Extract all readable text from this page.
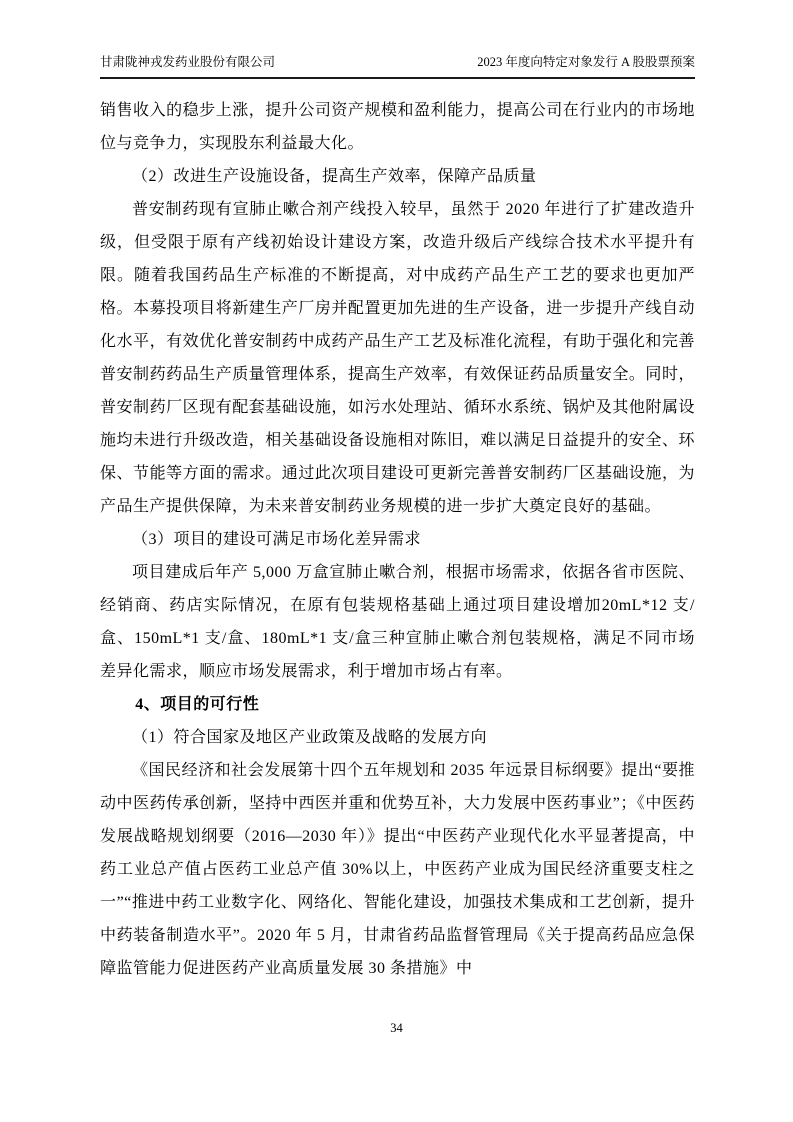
甘肃陇神戎发药业股份有限公司	2023 年度向特定对象发行 A 股股票预案

销售收入的稳步上涨，提升公司资产规模和盈利能力，提高公司在行业内的市场地位与竞争力，实现股东利益最大化。

（2）改进生产设施设备，提高生产效率，保障产品质量

普安制药现有宣肺止嗽合剂产线投入较早，虽然于 2020 年进行了扩建改造升级，但受限于原有产线初始设计建设方案，改造升级后产线综合技术水平提升有限。随着我国药品生产标准的不断提高，对中成药产品生产工艺的要求也更加严格。本募投项目将新建生产厂房并配置更加先进的生产设备，进一步提升产线自动化水平，有效优化普安制药中成药产品生产工艺及标准化流程，有助于强化和完善普安制药药品生产质量管理体系，提高生产效率，有效保证药品质量安全。同时，普安制药厂区现有配套基础设施，如污水处理站、循环水系统、锅炉及其他附属设施均未进行升级改造，相关基础设备设施相对陈旧，难以满足日益提升的安全、环保、节能等方面的需求。通过此次项目建设可更新完善普安制药厂区基础设施，为产品生产提供保障，为未来普安制药业务规模的进一步扩大奠定良好的基础。

（3）项目的建设可满足市场化差异需求

项目建成后年产 5,000 万盒宣肺止嗽合剂，根据市场需求，依据各省市医院、经销商、药店实际情况，在原有包装规格基础上通过项目建设增加20mL*12 支/盒、150mL*1 支/盒、180mL*1 支/盒三种宣肺止嗽合剂包装规格，满足不同市场差异化需求，顺应市场发展需求，利于增加市场占有率。

4、项目的可行性

（1）符合国家及地区产业政策及战略的发展方向

《国民经济和社会发展第十四个五年规划和 2035 年远景目标纲要》提出“要推动中医药传承创新，坚持中西医并重和优势互补，大力发展中医药事业”；《中医药发展战略规划纲要（2016—2030 年）》提出“中医药产业现代化水平显著提高，中药工业总产值占医药工业总产值 30%以上，中医药产业成为国民经济重要支柱之一”“推进中药工业数字化、网络化、智能化建设，加强技术集成和工艺创新，提升中药装备制造水平”。2020 年 5 月，甘肃省药品监督管理局《关于提高药品应急保障监管能力促进医药产业高质量发展 30 条措施》中

34
